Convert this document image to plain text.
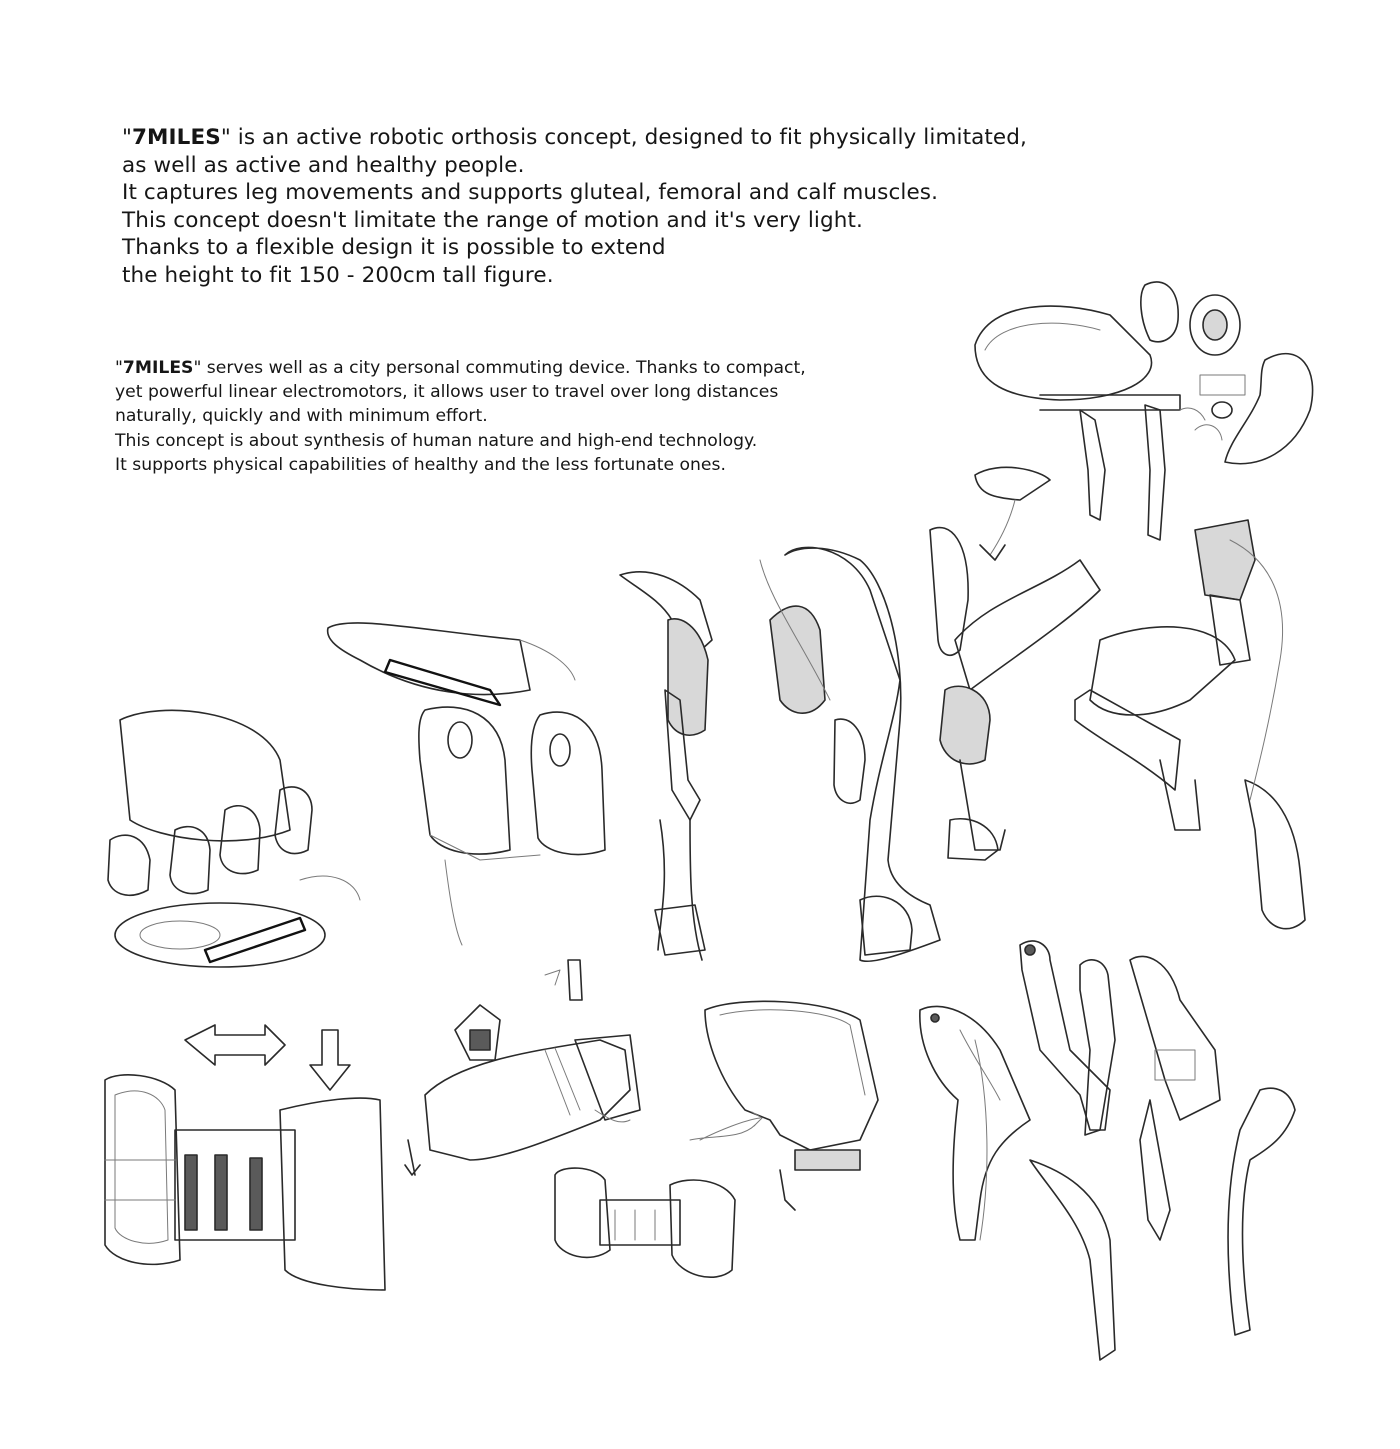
"7MILES" is an active robotic orthosis concept, designed to fit physically limitated,
as well as active and healthy people.
It captures leg movements and supports gluteal, femoral and calf muscles.
This concept doesn't limitate the range of motion and it's very light.
Thanks to a flexible design it is possible to extend
the height to fit 150 - 200cm tall figure.
"7MILES" serves well as a city personal commuting device. Thanks to compact,
yet powerful linear electromotors, it allows user to travel over long distances
naturally, quickly and with minimum effort.
This concept is about synthesis of human nature and high-end technology.
It supports physical capabilities of healthy and the less fortunate ones.
